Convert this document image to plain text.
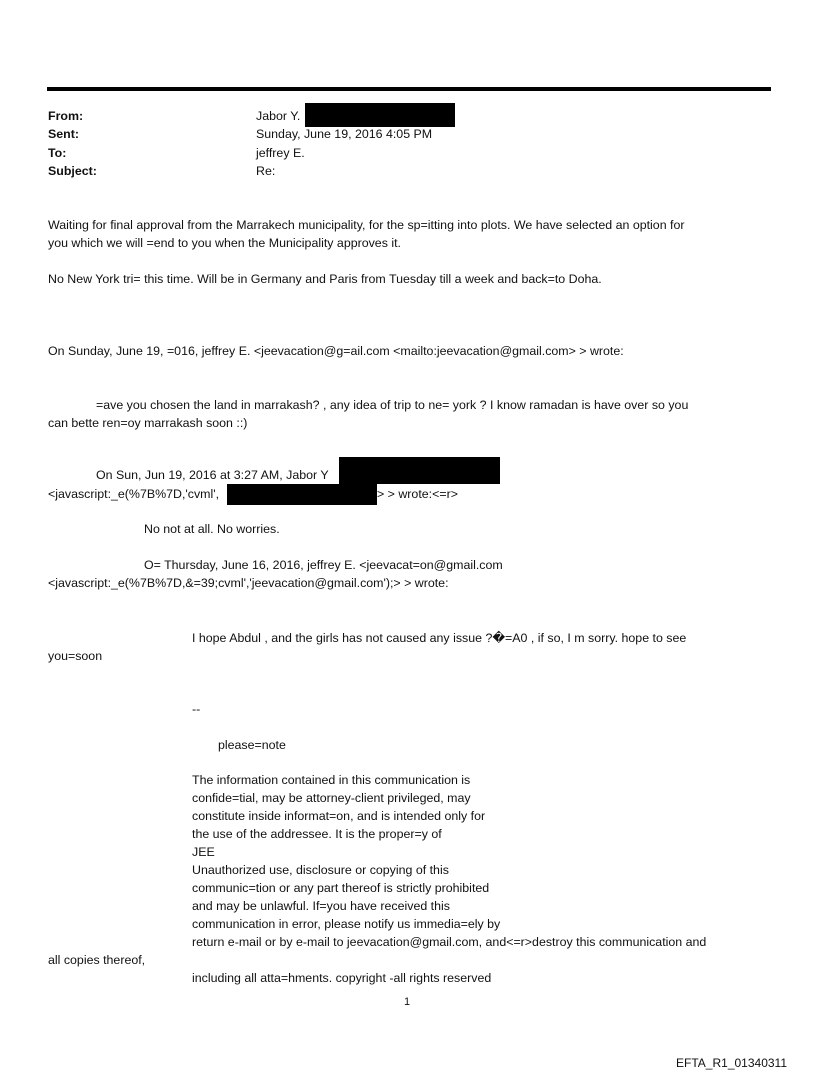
From:	Jabor Y.
Sent:	Sunday, June 19, 2016 4:05 PM
To:	jeffrey E.
Subject:	Re:
Waiting for final approval from the Marrakech municipality, for the sp=itting into plots. We have selected an option for
you which we will =end to you when the Municipality approves it.
No New York tri= this time. Will be in Germany and Paris from Tuesday till a week and back=to Doha.
On Sunday, June 19, =016, jeffrey E. <jeevacation@g=ail.com <mailto:jeevacation@gmail.com> > wrote:
=ave you chosen the land in marrakash? , any idea of trip to ne= york ? I know ramadan is have over so you
can bette ren=oy marrakash soon ::)
On Sun, Jun 19, 2016 at 3:27 AM, Jabor Y
<javascript:_e(%7B%7D,'cvml',	> > wrote:<=r>
No not at all. No worries.
O= Thursday, June 16, 2016, jeffrey E. <jeevacat=on@gmail.com
<javascript:_e(%7B%7D,&=39;cvml','jeevacation@gmail.com');> > wrote:
I hope Abdul , and the girls has not caused any issue ?�=A0 , if so, I m sorry. hope to see
you=soon
--
please=note
The information contained in this communication is
confide=tial, may be attorney-client privileged, may
constitute inside informat=on, and is intended only for
the use of the addressee. It is the proper=y of
JEE
Unauthorized use, disclosure or copying of this
communic=tion or any part thereof is strictly prohibited
and may be unlawful. If=you have received this
communication in error, please notify us immedia=ely by
return e-mail or by e-mail to jeevacation@gmail.com, and<=r>destroy this communication and
all copies thereof,
including all atta=hments. copyright -all rights reserved
1
EFTA_R1_01340311
